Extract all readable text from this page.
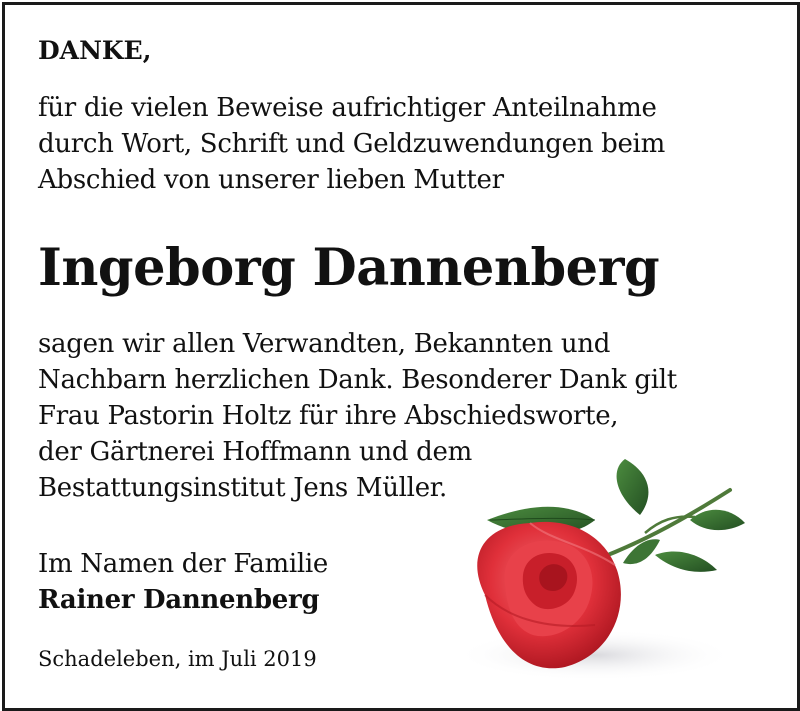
DANKE,
für die vielen Beweise aufrichtiger Anteilnahme
durch Wort, Schrift und Geldzuwendungen beim
Abschied von unserer lieben Mutter
Ingeborg Dannenberg
sagen wir allen Verwandten, Bekannten und
Nachbarn herzlichen Dank. Besonderer Dank gilt
Frau Pastorin Holtz für ihre Abschiedsworte,
der Gärtnerei Hoffmann und dem
Bestattungsinstitut Jens Müller.
Im Namen der Familie
Rainer Dannenberg
Schadeleben, im Juli 2019
